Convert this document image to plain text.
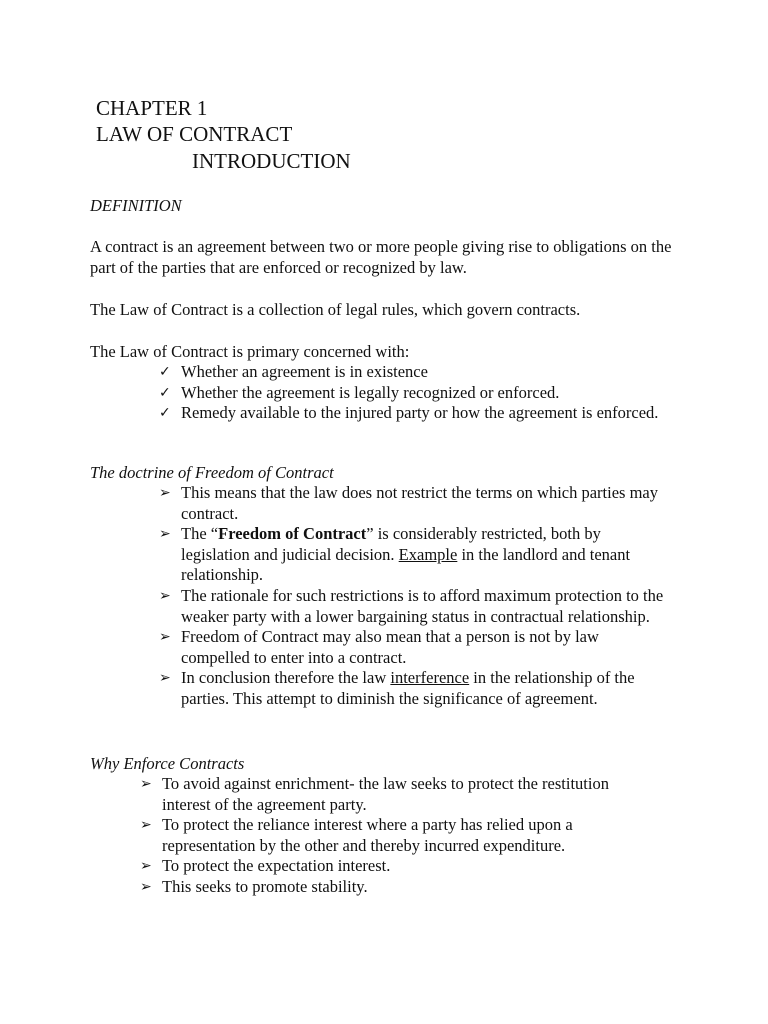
CHAPTER 1
LAW OF CONTRACT
INTRODUCTION
DEFINITION
A contract is an agreement between two or more people giving rise to obligations on the part of the parties that are enforced or recognized by law.
The Law of Contract is a collection of legal rules, which govern contracts.
The Law of Contract is primary concerned with:
✓ Whether an agreement is in existence
✓ Whether the agreement is legally recognized or enforced.
✓ Remedy available to the injured party or how the agreement is enforced.
The doctrine of Freedom of Contract
➢ This means that the law does not restrict the terms on which parties may contract.
➢ The “Freedom of Contract” is considerably restricted, both by legislation and judicial decision. Example in the landlord and tenant relationship.
➢ The rationale for such restrictions is to afford maximum protection to the weaker party with a lower bargaining status in contractual relationship.
➢ Freedom of Contract may also mean that a person is not by law compelled to enter into a contract.
➢ In conclusion therefore the law interference in the relationship of the parties. This attempt to diminish the significance of agreement.
Why Enforce Contracts
➢ To avoid against enrichment- the law seeks to protect the restitution interest of the agreement party.
➢ To protect the reliance interest where a party has relied upon a representation by the other and thereby incurred expenditure.
➢ To protect the expectation interest.
➢ This seeks to promote stability.
